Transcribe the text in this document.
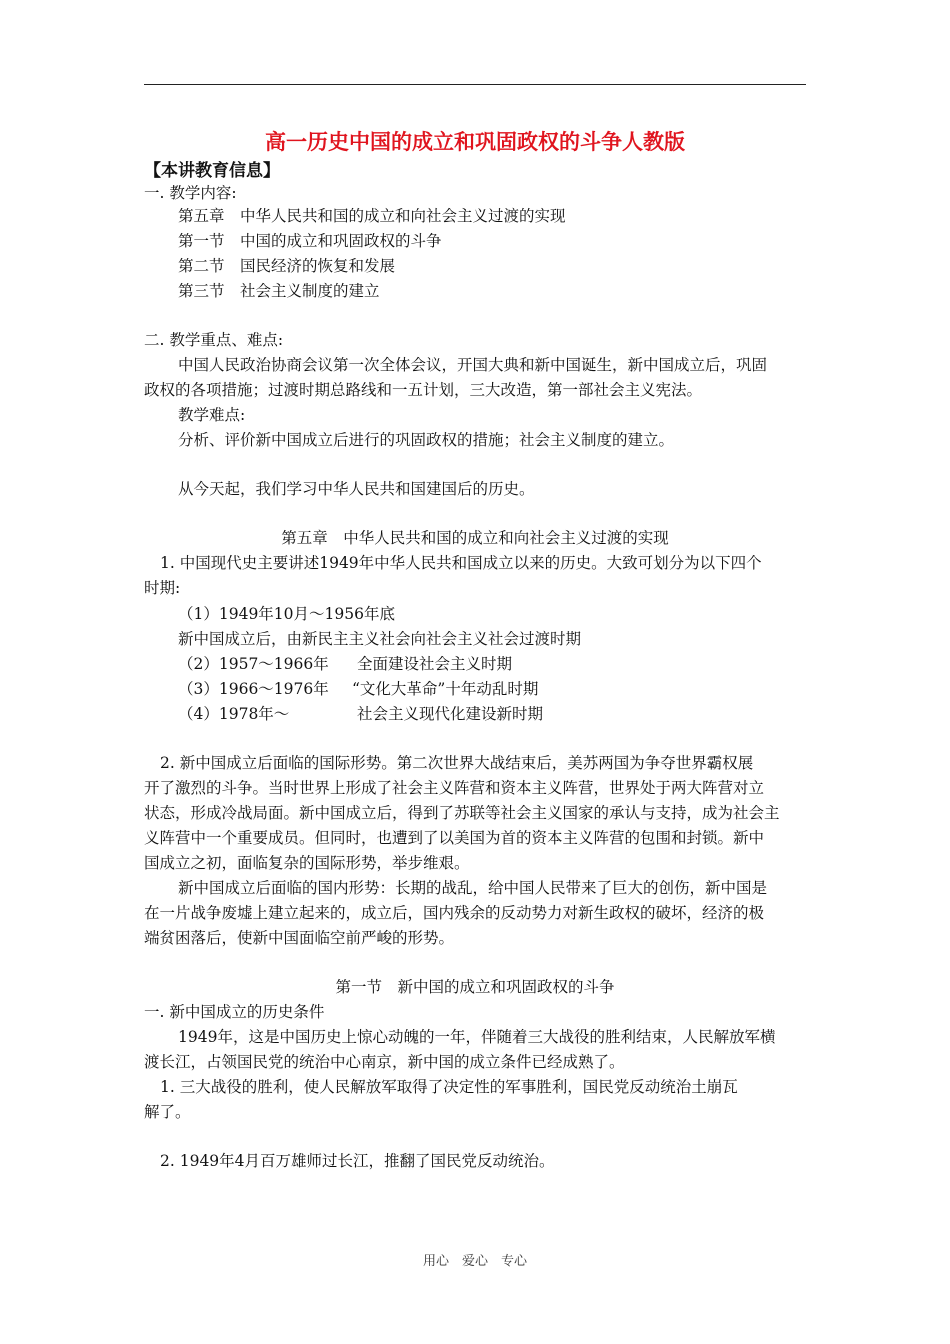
高一历史中国的成立和巩固政权的斗争人教版
【本讲教育信息】
一. 教学内容:
第五章　中华人民共和国的成立和向社会主义过渡的实现
第一节　中国的成立和巩固政权的斗争
第二节　国民经济的恢复和发展
第三节　社会主义制度的建立
二. 教学重点、难点:
中国人民政治协商会议第一次全体会议，开国大典和新中国诞生，新中国成立后，巩固
政权的各项措施；过渡时期总路线和一五计划，三大改造，第一部社会主义宪法。
教学难点:
分析、评价新中国成立后进行的巩固政权的措施；社会主义制度的建立。
从今天起，我们学习中华人民共和国建国后的历史。
第五章　中华人民共和国的成立和向社会主义过渡的实现
1. 中国现代史主要讲述1949年中华人民共和国成立以来的历史。大致可划分为以下四个
时期:
（1）1949年10月～1956年底
新中国成立后，由新民主主义社会向社会主义社会过渡时期
（2）1957～1966年 全面建设社会主义时期
（3）1966～1976年 “文化大革命”十年动乱时期
（4）1978年～	社会主义现代化建设新时期
2. 新中国成立后面临的国际形势。第二次世界大战结束后，美苏两国为争夺世界霸权展
开了激烈的斗争。当时世界上形成了社会主义阵营和资本主义阵营，世界处于两大阵营对立
状态，形成冷战局面。新中国成立后，得到了苏联等社会主义国家的承认与支持，成为社会主
义阵营中一个重要成员。但同时，也遭到了以美国为首的资本主义阵营的包围和封锁。新中
国成立之初，面临复杂的国际形势，举步维艰。
新中国成立后面临的国内形势：长期的战乱，给中国人民带来了巨大的创伤，新中国是
在一片战争废墟上建立起来的，成立后，国内残余的反动势力对新生政权的破坏，经济的极
端贫困落后，使新中国面临空前严峻的形势。
第一节　新中国的成立和巩固政权的斗争
一. 新中国成立的历史条件
1949年，这是中国历史上惊心动魄的一年，伴随着三大战役的胜利结束，人民解放军横
渡长江，占领国民党的统治中心南京，新中国的成立条件已经成熟了。
1. 三大战役的胜利，使人民解放军取得了决定性的军事胜利，国民党反动统治土崩瓦
解了。
2. 1949年4月百万雄师过长江，推翻了国民党反动统治。
用心　爱心　专心
